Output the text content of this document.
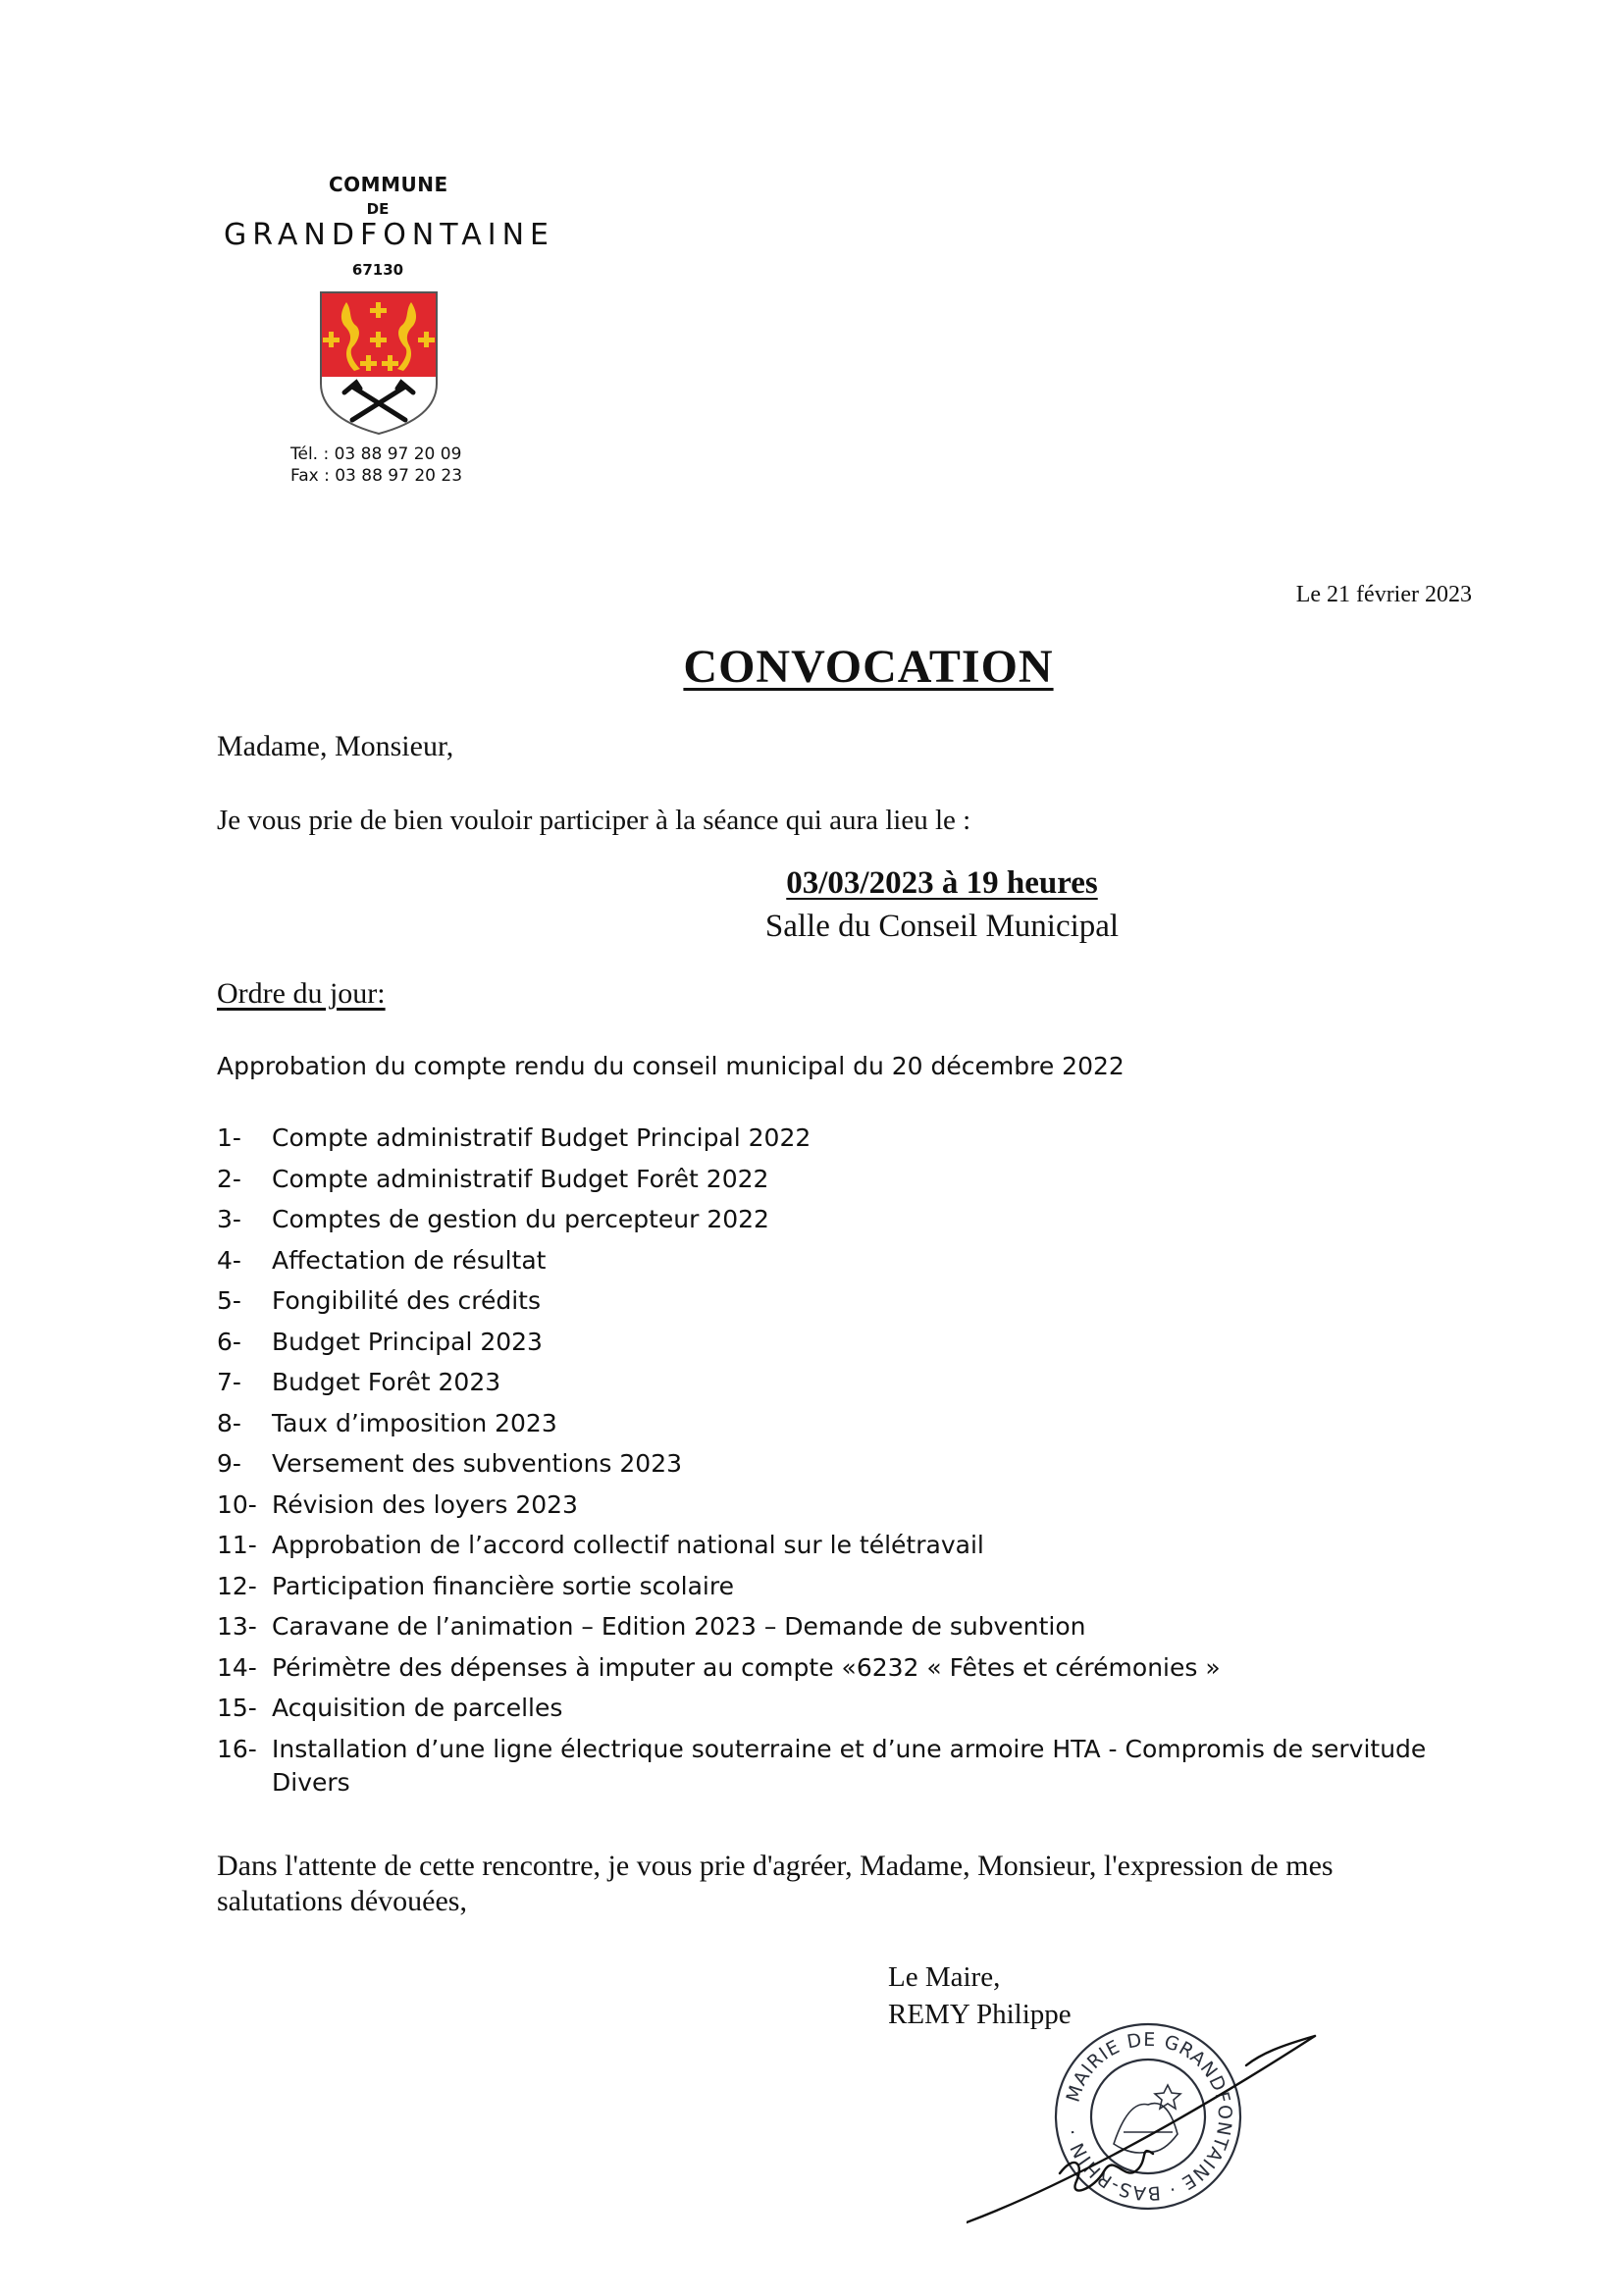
COMMUNE
DE
GRANDFONTAINE
67130
Tél. : 03 88 97 20 09
Fax : 03 88 97 20 23
Le 21 février 2023
CONVOCATION
Madame, Monsieur,
Je vous prie de bien vouloir participer à la séance qui aura lieu le :
03/03/2023 à 19 heures
Salle du Conseil Municipal
Ordre du jour:
Approbation du compte rendu du conseil municipal du 20 décembre 2022
1-	Compte administratif Budget Principal 2022
2-	Compte administratif Budget Forêt 2022
3-	Comptes de gestion du percepteur 2022
4-	Affectation de résultat
5-	Fongibilité des crédits
6-	Budget Principal 2023
7-	Budget Forêt 2023
8-	Taux d’imposition 2023
9-	Versement des subventions 2023
10- Révision des loyers 2023
11- Approbation de l’accord collectif national sur le télétravail
12- Participation financière sortie scolaire
13- Caravane de l’animation – Edition 2023 – Demande de subvention
14- Périmètre des dépenses à imputer au compte «6232 « Fêtes et cérémonies »
15- Acquisition de parcelles
16- Installation d’une ligne électrique souterraine et d’une armoire HTA - Compromis de servitude
Divers
Dans l'attente de cette rencontre, je vous prie d'agréer, Madame, Monsieur, l'expression de mes salutations dévouées,
Le Maire,
REMY Philippe
MAIRIE DE GRANDFONTAINE · BAS-RHIN ·
